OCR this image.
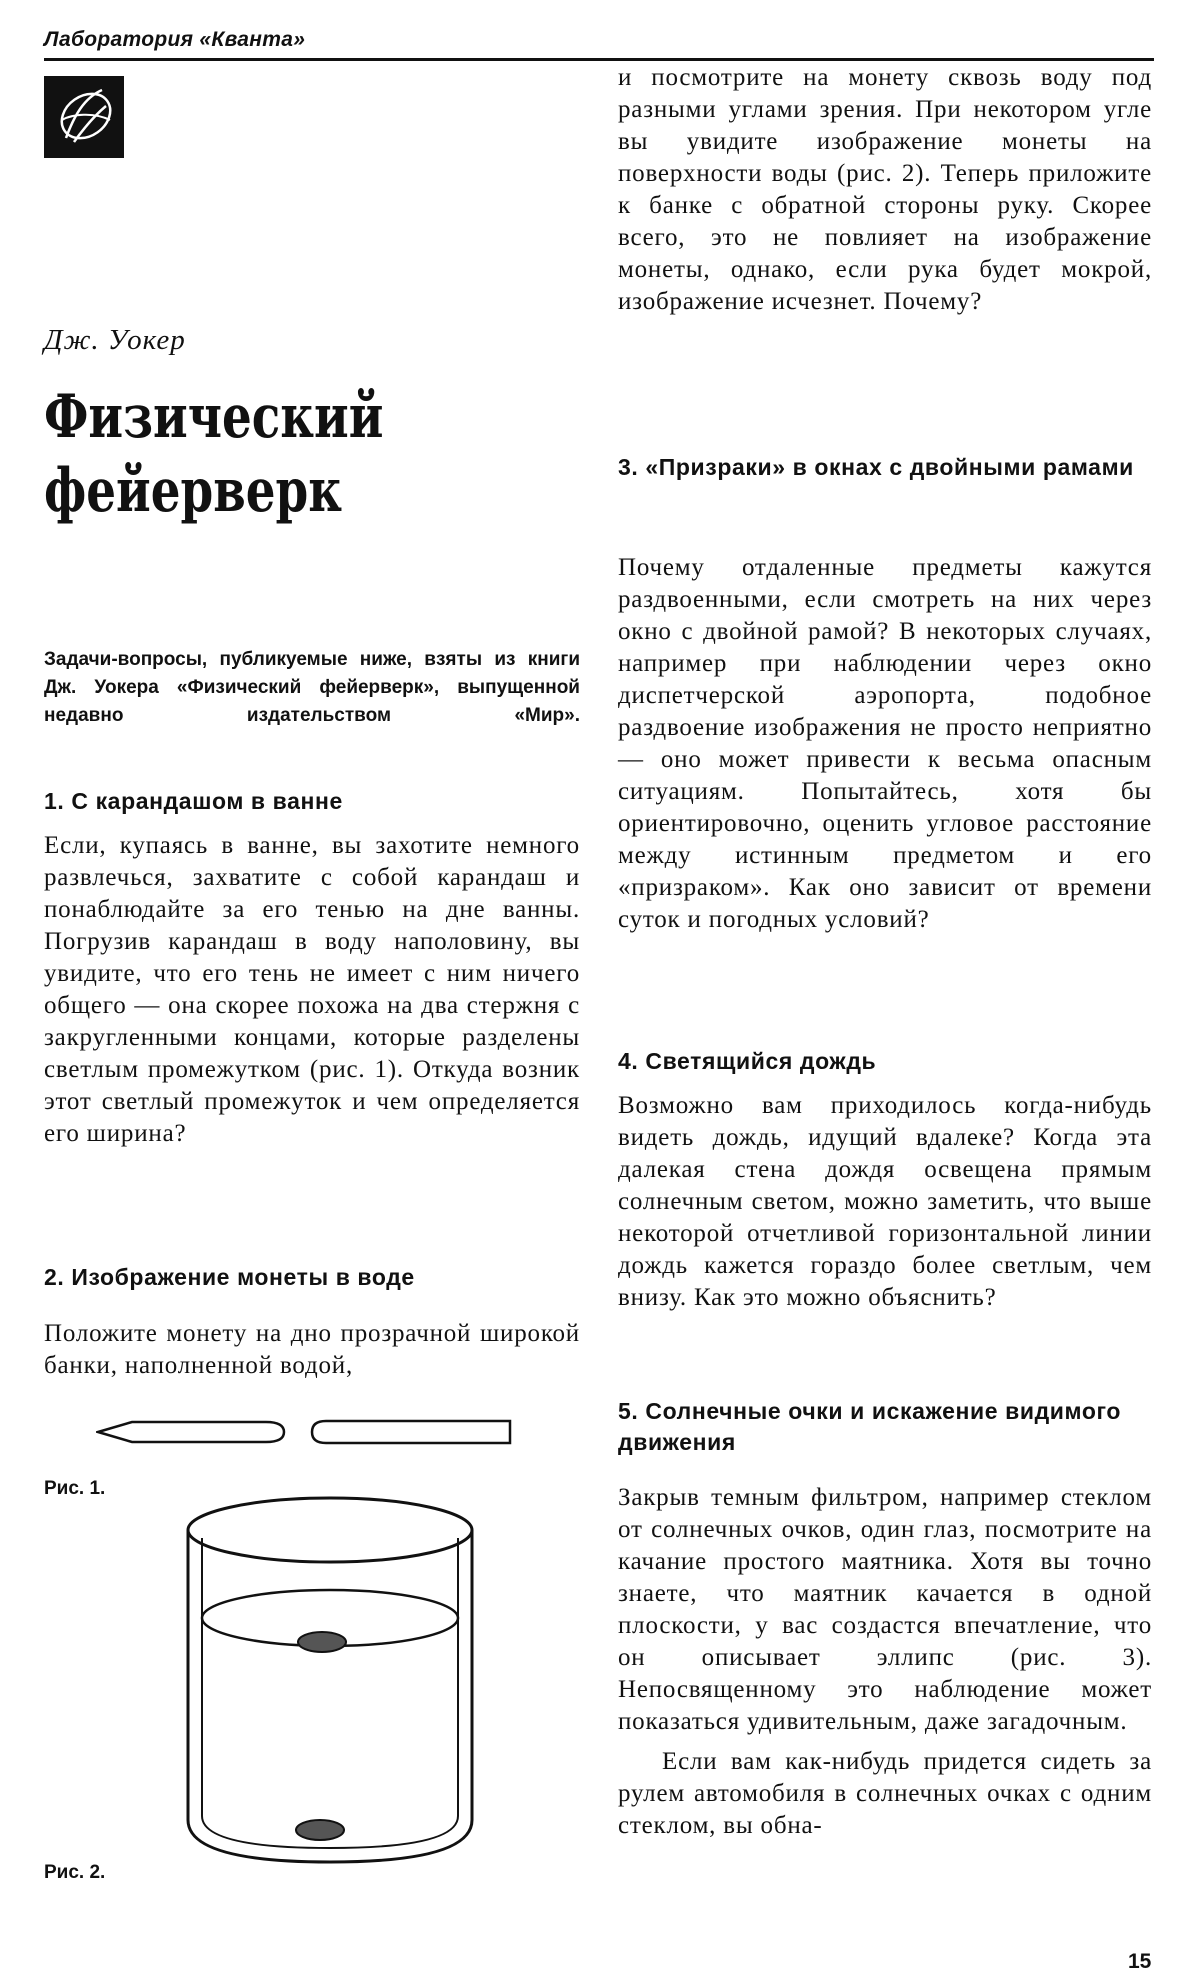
Лаборатория «Кванта»
Дж. Уокер
Физический
фейерверк
Задачи-вопросы, публикуемые ниже, взяты из книги Дж. Уокера «Физический фейерверк», выпущенной недавно издательством «Мир».
1. С карандашом в ванне

Если, купаясь в ванне, вы захотите немного развлечься, захватите с собой карандаш и понаблюдайте за его тенью на дне ванны. Погрузив карандаш в воду наполовину, вы увидите, что его тень не имеет с ним ничего общего — она скорее похожа на два стержня с закругленными концами, которые разделены светлым промежутком (рис. 1). Откуда возник этот светлый промежуток и чем определяется его ширина?

2. Изображение монеты в воде

Положите монету на дно прозрачной широкой банки, наполненной водой,

Рис. 1.
Рис. 2.

и посмотрите на монету сквозь воду под разными углами зрения. При некотором угле вы увидите изображение монеты на поверхности воды (рис. 2). Теперь приложите к банке с обратной стороны руку. Скорее всего, это не повлияет на изображение монеты, однако, если рука будет мокрой, изображение исчезнет. Почему?

3. «Призраки» в окнах с двойными рамами

Почему отдаленные предметы кажутся раздвоенными, если смотреть на них через окно с двойной рамой? В некоторых случаях, например при наблюдении через окно диспетчерской аэропорта, подобное раздвоение изображения не просто неприятно — оно может привести к весьма опасным ситуациям. Попытайтесь, хотя бы ориентировочно, оценить угловое расстояние между истинным предметом и его «призраком». Как оно зависит от времени суток и погодных условий?

4. Светящийся дождь

Возможно вам приходилось когда-нибудь видеть дождь, идущий вдалеке? Когда эта далекая стена дождя освещена прямым солнечным светом, можно заметить, что выше некоторой отчетливой горизонтальной линии дождь кажется гораздо более светлым, чем внизу. Как это можно объяснить?

5. Солнечные очки и искажение видимого движения

Закрыв темным фильтром, например стеклом от солнечных очков, один глаз, посмотрите на качание простого маятника. Хотя вы точно знаете, что маятник качается в одной плоскости, у вас создастся впечатление, что он описывает эллипс (рис. 3). Непосвященному это наблюдение может показаться удивительным, даже загадочным.

Если вам как-нибудь придется сидеть за рулем автомобиля в солнечных очках с одним стеклом, вы обна-

15
